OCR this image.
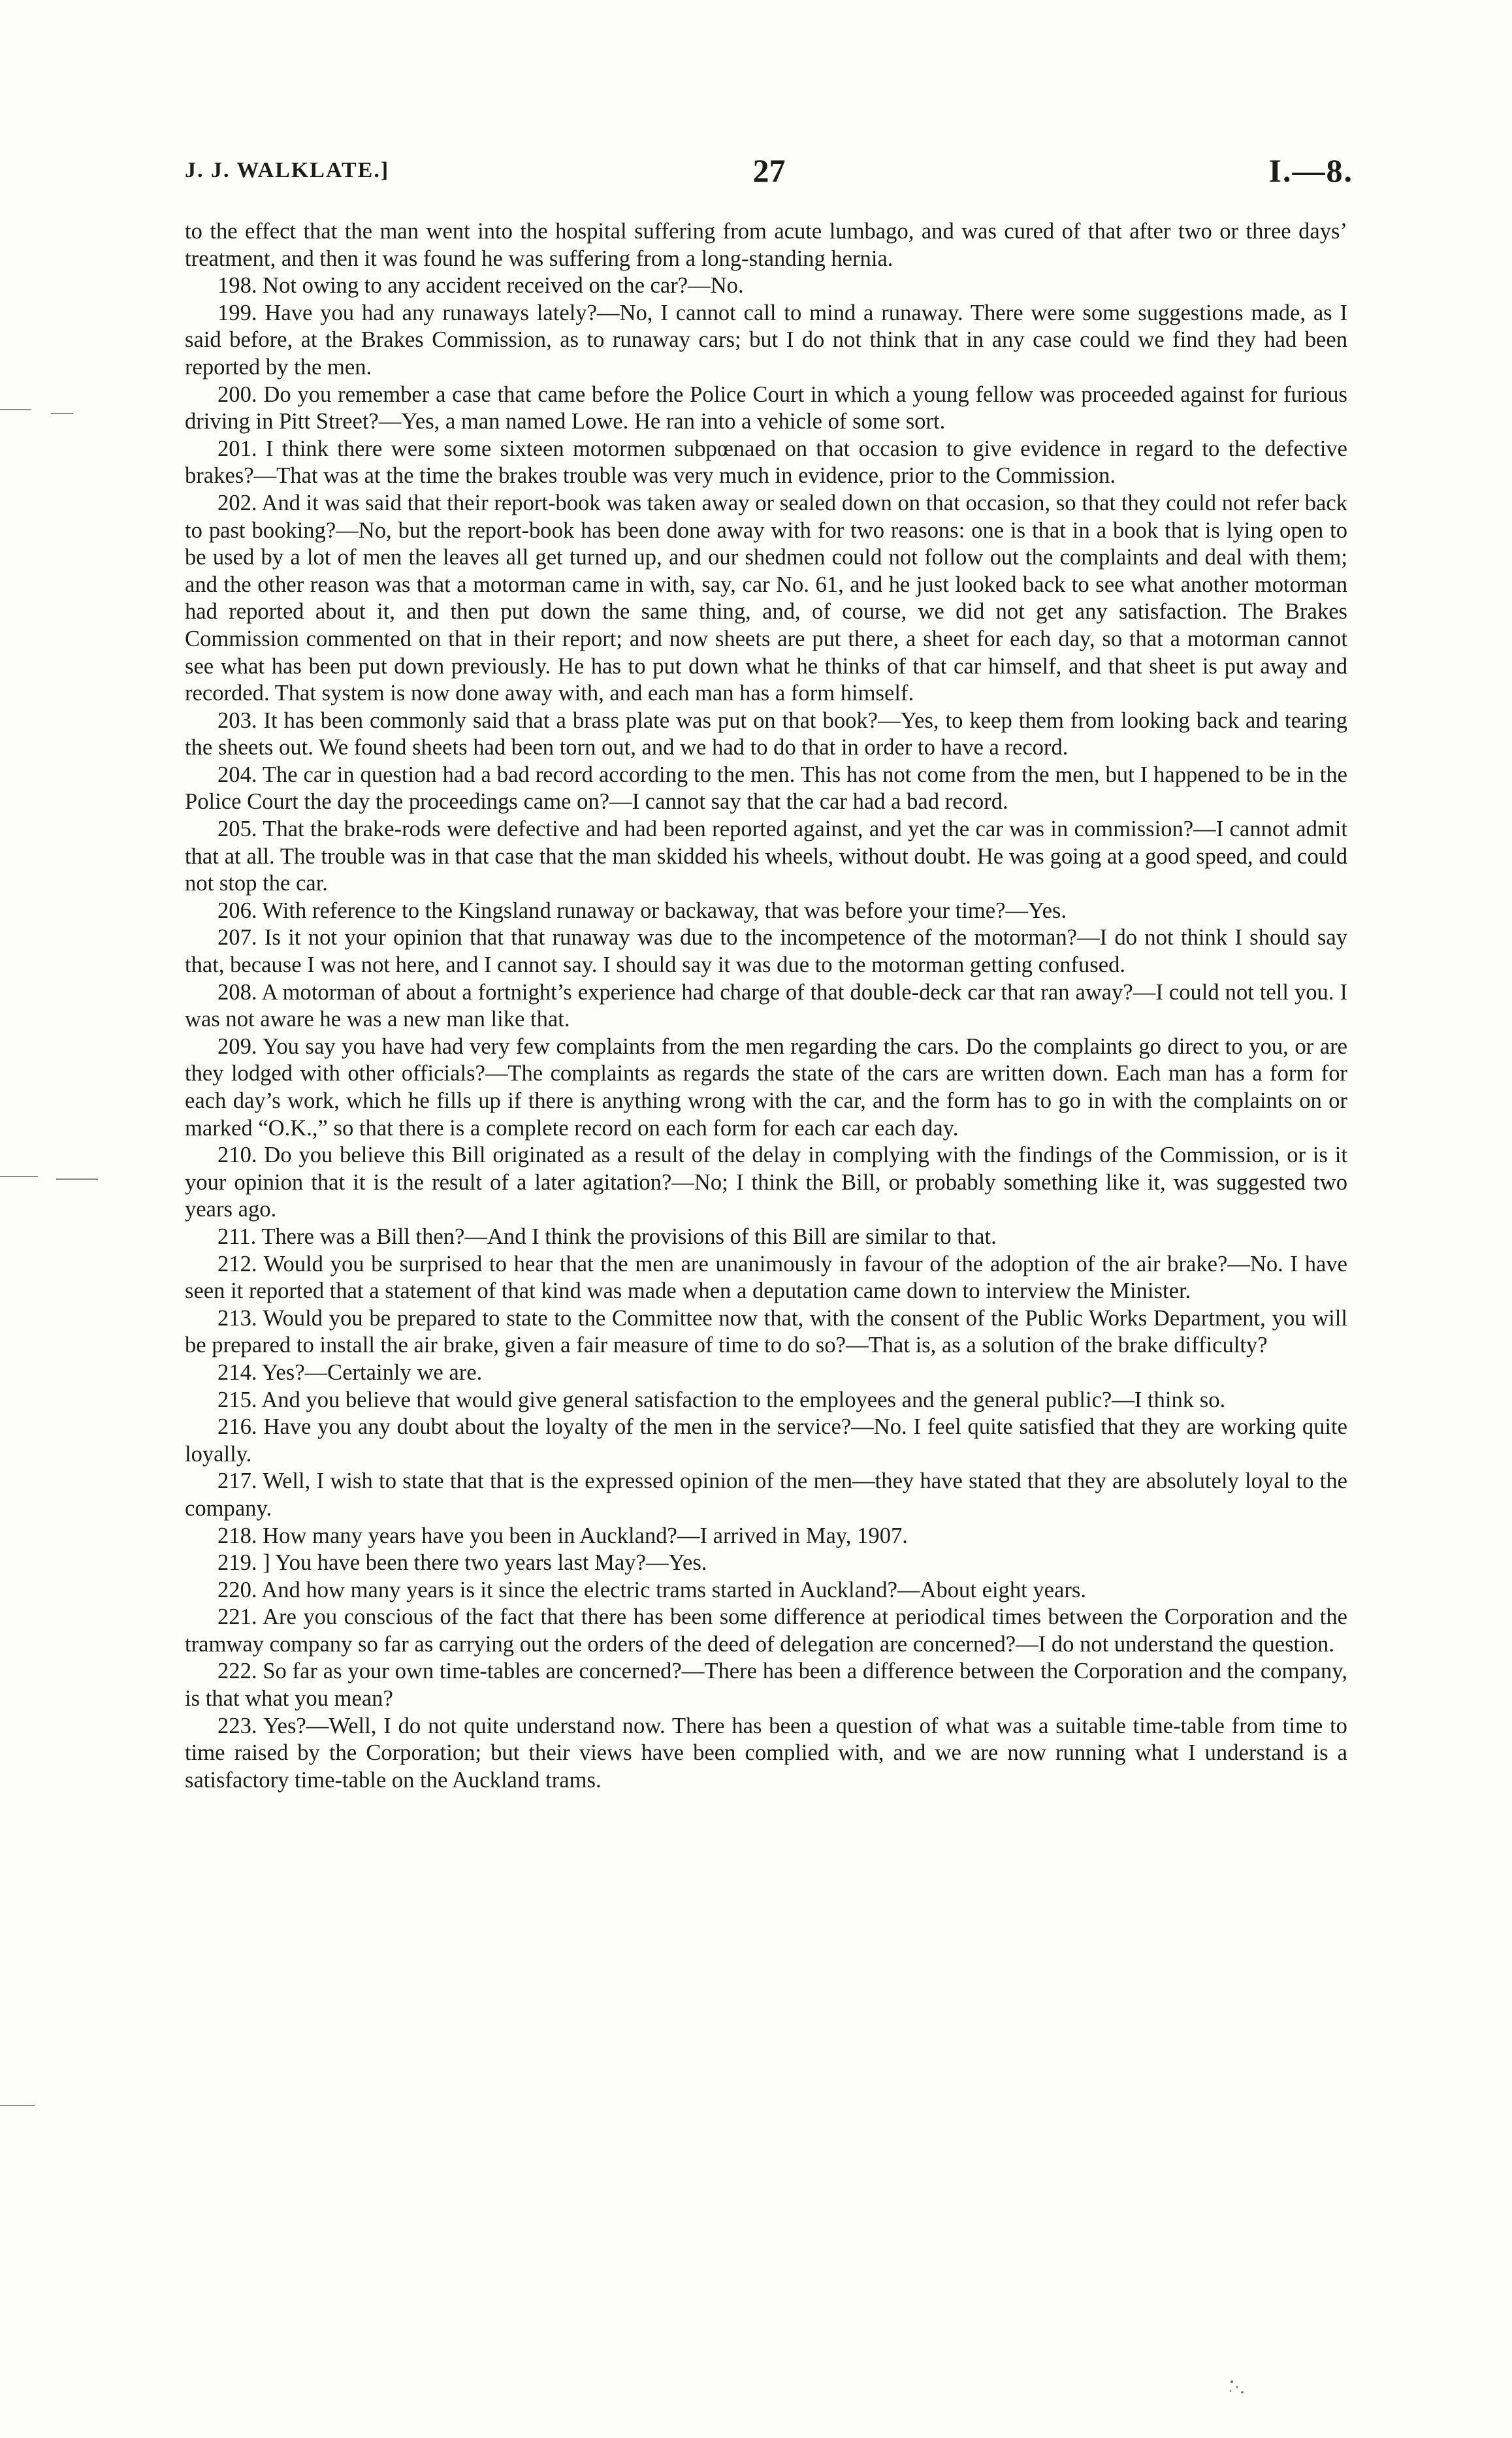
J. J. WALKLATE.]	27	I.—8.

to the effect that the man went into the hospital suffering from acute lumbago, and was cured of that after two or three days’ treatment, and then it was found he was suffering from a long-standing hernia.

198. Not owing to any accident received on the car?—No.

199. Have you had any runaways lately?—No, I cannot call to mind a runaway. There were some suggestions made, as I said before, at the Brakes Commission, as to runaway cars; but I do not think that in any case could we find they had been reported by the men.

200. Do you remember a case that came before the Police Court in which a young fellow was proceeded against for furious driving in Pitt Street?—Yes, a man named Lowe. He ran into a vehicle of some sort.

201. I think there were some sixteen motormen subpœnaed on that occasion to give evidence in regard to the defective brakes?—That was at the time the brakes trouble was very much in evidence, prior to the Commission.

202. And it was said that their report-book was taken away or sealed down on that occasion, so that they could not refer back to past booking?—No, but the report-book has been done away with for two reasons: one is that in a book that is lying open to be used by a lot of men the leaves all get turned up, and our shedmen could not follow out the complaints and deal with them; and the other reason was that a motorman came in with, say, car No. 61, and he just looked back to see what another motorman had reported about it, and then put down the same thing, and, of course, we did not get any satisfaction. The Brakes Commission commented on that in their report; and now sheets are put there, a sheet for each day, so that a motorman cannot see what has been put down previously. He has to put down what he thinks of that car himself, and that sheet is put away and recorded. That system is now done away with, and each man has a form himself.

203. It has been commonly said that a brass plate was put on that book?—Yes, to keep them from looking back and tearing the sheets out. We found sheets had been torn out, and we had to do that in order to have a record.

204. The car in question had a bad record according to the men. This has not come from the men, but I happened to be in the Police Court the day the proceedings came on?—I cannot say that the car had a bad record.

205. That the brake-rods were defective and had been reported against, and yet the car was in commission?—I cannot admit that at all. The trouble was in that case that the man skidded his wheels, without doubt. He was going at a good speed, and could not stop the car.

206. With reference to the Kingsland runaway or backaway, that was before your time?—Yes.

207. Is it not your opinion that that runaway was due to the incompetence of the motorman?—I do not think I should say that, because I was not here, and I cannot say. I should say it was due to the motorman getting confused.

208. A motorman of about a fortnight’s experience had charge of that double-deck car that ran away?—I could not tell you. I was not aware he was a new man like that.

209. You say you have had very few complaints from the men regarding the cars. Do the complaints go direct to you, or are they lodged with other officials?—The complaints as regards the state of the cars are written down. Each man has a form for each day’s work, which he fills up if there is anything wrong with the car, and the form has to go in with the complaints on or marked “O.K.,” so that there is a complete record on each form for each car each day.

210. Do you believe this Bill originated as a result of the delay in complying with the findings of the Commission, or is it your opinion that it is the result of a later agitation?—No; I think the Bill, or probably something like it, was suggested two years ago.

211. There was a Bill then?—And I think the provisions of this Bill are similar to that.

212. Would you be surprised to hear that the men are unanimously in favour of the adoption of the air brake?—No. I have seen it reported that a statement of that kind was made when a deputation came down to interview the Minister.

213. Would you be prepared to state to the Committee now that, with the consent of the Public Works Department, you will be prepared to install the air brake, given a fair measure of time to do so?—That is, as a solution of the brake difficulty?

214. Yes?—Certainly we are.

215. And you believe that would give general satisfaction to the employees and the general public?—I think so.

216. Have you any doubt about the loyalty of the men in the service?—No. I feel quite satisfied that they are working quite loyally.

217. Well, I wish to state that that is the expressed opinion of the men—they have stated that they are absolutely loyal to the company.

218. How many years have you been in Auckland?—I arrived in May, 1907.

219. ] You have been there two years last May?—Yes.

220. And how many years is it since the electric trams started in Auckland?—About eight years.

221. Are you conscious of the fact that there has been some difference at periodical times between the Corporation and the tramway company so far as carrying out the orders of the deed of delegation are concerned?—I do not understand the question.

222. So far as your own time-tables are concerned?—There has been a difference between the Corporation and the company, is that what you mean?

223. Yes?—Well, I do not quite understand now. There has been a question of what was a suitable time-table from time to time raised by the Corporation; but their views have been complied with, and we are now running what I understand is a satisfactory time-table on the Auckland trams.
